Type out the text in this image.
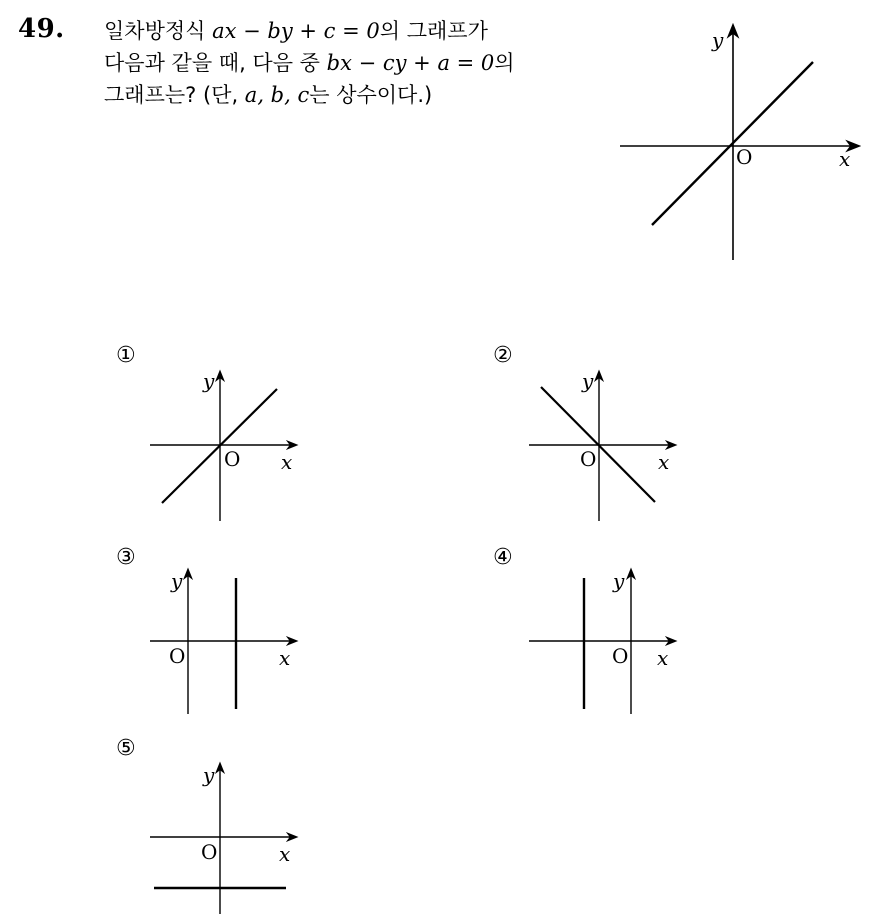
49. 일차방정식 ax − by + c = 0의 그래프가
다음과 같을 때, 다음 중 bx − cy + a = 0의
그래프는? (단, a, b, c는 상수이다.)
y
O	x
①
y
O x
②
y
O	x
③
y
O	x
④
y
O x
⑤
y
O	x
